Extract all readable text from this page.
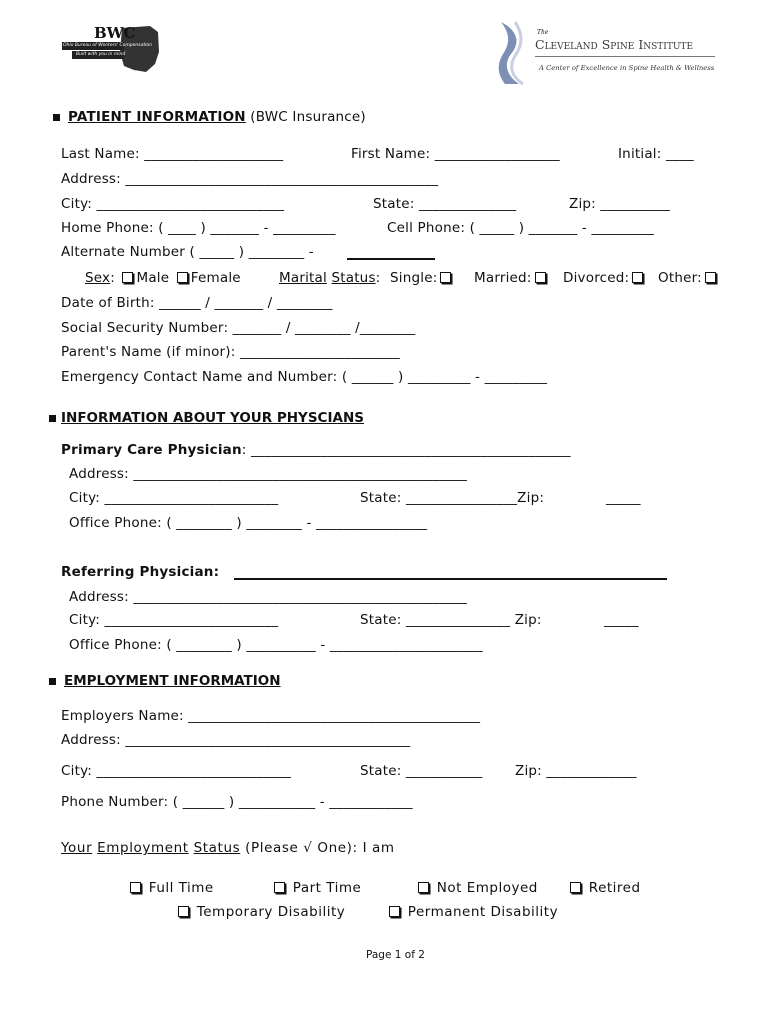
BWC
Ohio Bureau of Workers' Compensation
Built with you in mind
The
Cleveland Spine Institute
A Center of Excellence in Spine Health & Wellness
PATIENT INFORMATION (BWC Insurance)
Last Name: ____________________	First Name: __________________	Initial: ____
Address: _____________________________________________
City: ___________________________	State: ______________	Zip: __________
Home Phone: ( ____ ) _______ - _________	Cell Phone: ( _____ ) _______ - _________
Alternate Number ( _____ ) ________ -
Sex: Male Female	Marital Status: Single:	Married:	Divorced:	Other:
Date of Birth: ______ / _______ / ________
Social Security Number: _______ / ________ /________
Parent's Name (if minor): _______________________
Emergency Contact Name and Number: ( ______ ) _________ - _________
INFORMATION ABOUT YOUR PHYSCIANS
Primary Care Physician: ______________________________________________
Address: ________________________________________________
City: _________________________	State: ________________Zip:	_____
Office Phone: ( ________ ) ________ - ________________
Referring Physician:
Address: ________________________________________________
City: _________________________	State: _______________ Zip:	_____
Office Phone: ( ________ ) __________ - ______________________
EMPLOYMENT INFORMATION
Employers Name: __________________________________________
Address: _________________________________________
City: ____________________________	State: ___________ Zip: _____________
Phone Number: ( ______ ) ___________ - ____________
Your Employment Status (Please √ One): I am
Full Time	Part Time	Not Employed	Retired
Temporary Disability	Permanent Disability
Page 1 of 2
